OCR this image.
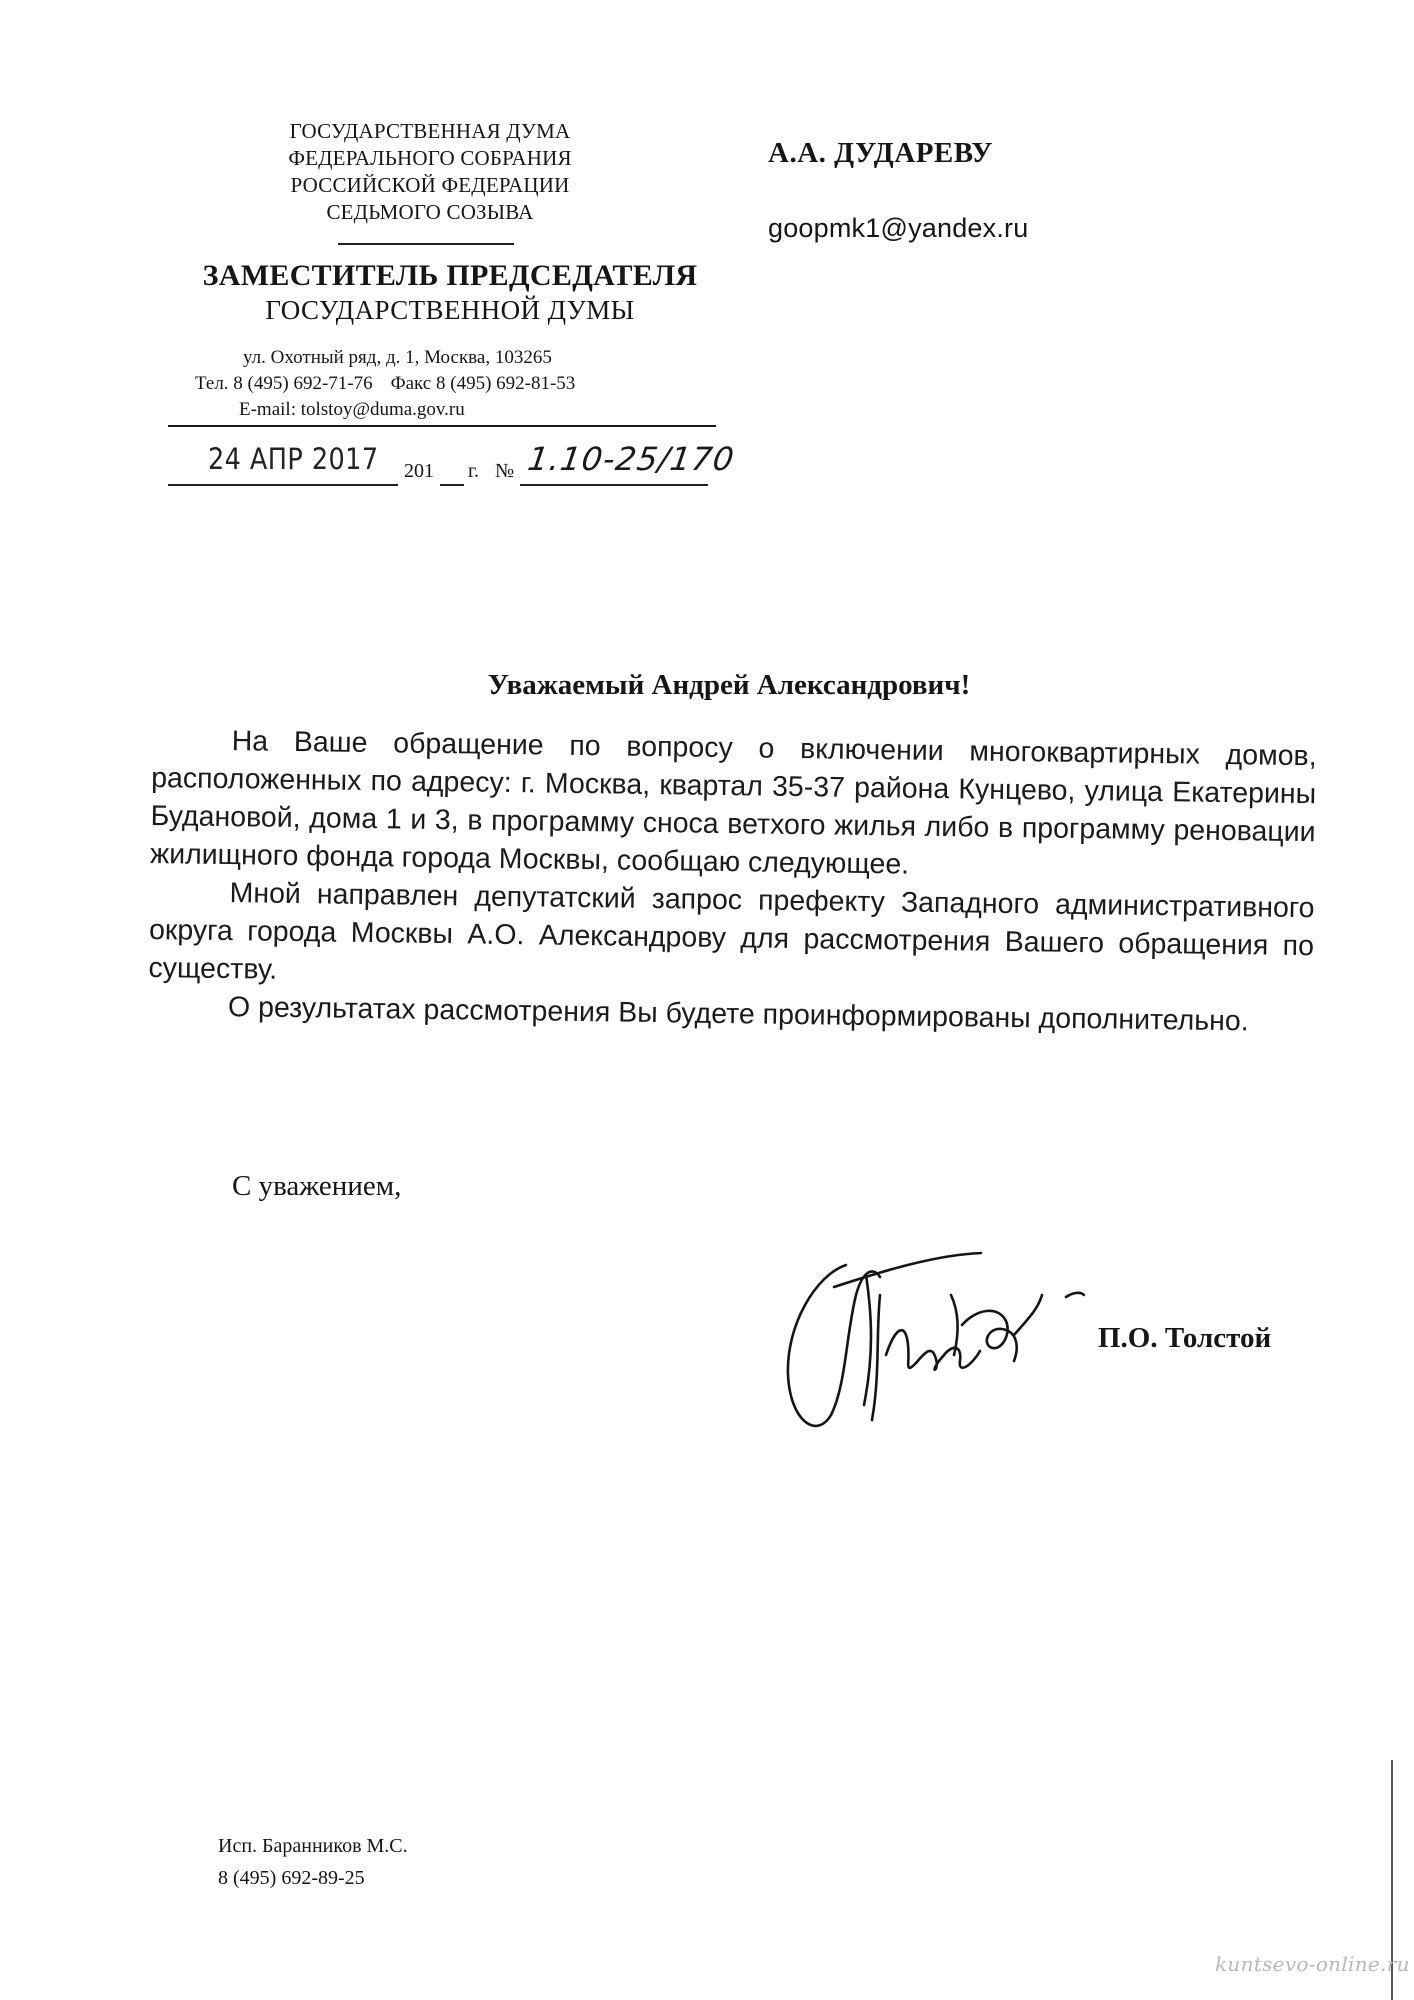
ГОСУДАРСТВЕННАЯ ДУМА
ФЕДЕРАЛЬНОГО СОБРАНИЯ
РОССИЙСКОЙ ФЕДЕРАЦИИ
СЕДЬМОГО СОЗЫВА
ЗАМЕСТИТЕЛЬ ПРЕДСЕДАТЕЛЯ
ГОСУДАРСТВЕННОЙ ДУМЫ
ул. Охотный ряд, д. 1, Москва, 103265
Тел. 8 (495) 692-71-76 Факс 8 (495) 692-81-53
E-mail: tolstoy@duma.gov.ru
24 АПР 2017 201 г. № 1.10-25/170
А.А. ДУДАРЕВУ
goopmk1@yandex.ru
Уважаемый Андрей Александрович!

На Ваше обращение по вопросу о включении многоквартирных домов, расположенных по адресу: г. Москва, квартал 35-37 района Кунцево, улица Екатерины Будановой, дома 1 и 3, в программу сноса ветхого жилья либо в программу реновации жилищного фонда города Москвы, сообщаю следующее.

Мной направлен депутатский запрос префекту Западного административного округа города Москвы А.О. Александрову для рассмотрения Вашего обращения по существу.

О результатах рассмотрения Вы будете проинформированы дополнительно.

С уважением,
П.О. Толстой
Исп. Баранников М.С.
8 (495) 692-89-25
kuntsevo-online.ru
